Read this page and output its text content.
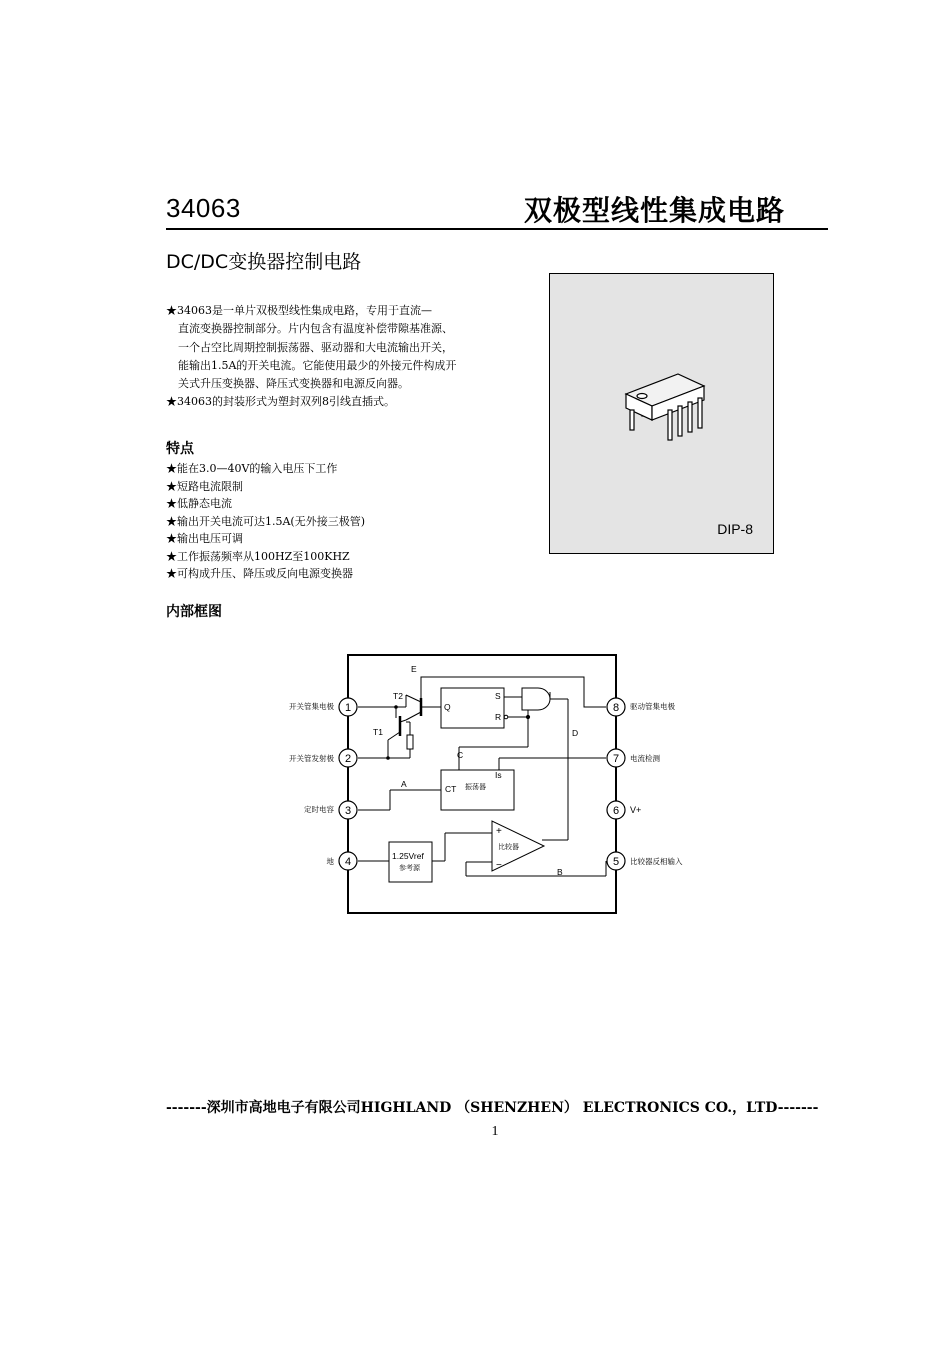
34063	双极型线性集成电路
DC/DC变换器控制电路

★34063是一单片双极型线性集成电路，专用于直流—

直流变换器控制部分。片内包含有温度补偿带隙基准源、

一个占空比周期控制振荡器、驱动器和大电流输出开关，

能输出1.5A的开关电流。它能使用最少的外接元件构成开

关式升压变换器、降压式变换器和电源反向器。

★34063的封装形式为塑封双列8引线直插式。

特点

★能在3.0—40V的输入电压下工作

★短路电流限制

★低静态电流

★输出开关电流可达1.5A(无外接三极管)

★输出电压可调

★工作振荡频率从100HZ至100KHZ

★可构成升压、降压或反向电源变换器

DIP-8
内部框图
1
2
3
4
8
7
6
5
开关管集电极
开关管发射极
定时电容
地
驱动管集电极
电流检测
V+
比较器反相输入
E
T2
T1
Q
S
R
D
C
Is
A	CT
B
+
−
振荡器
比较器
1.25Vref
参考源
-------深圳市高地电子有限公司HIGHLAND （SHENZHEN） ELECTRONICS CO.，LTD-------
1
